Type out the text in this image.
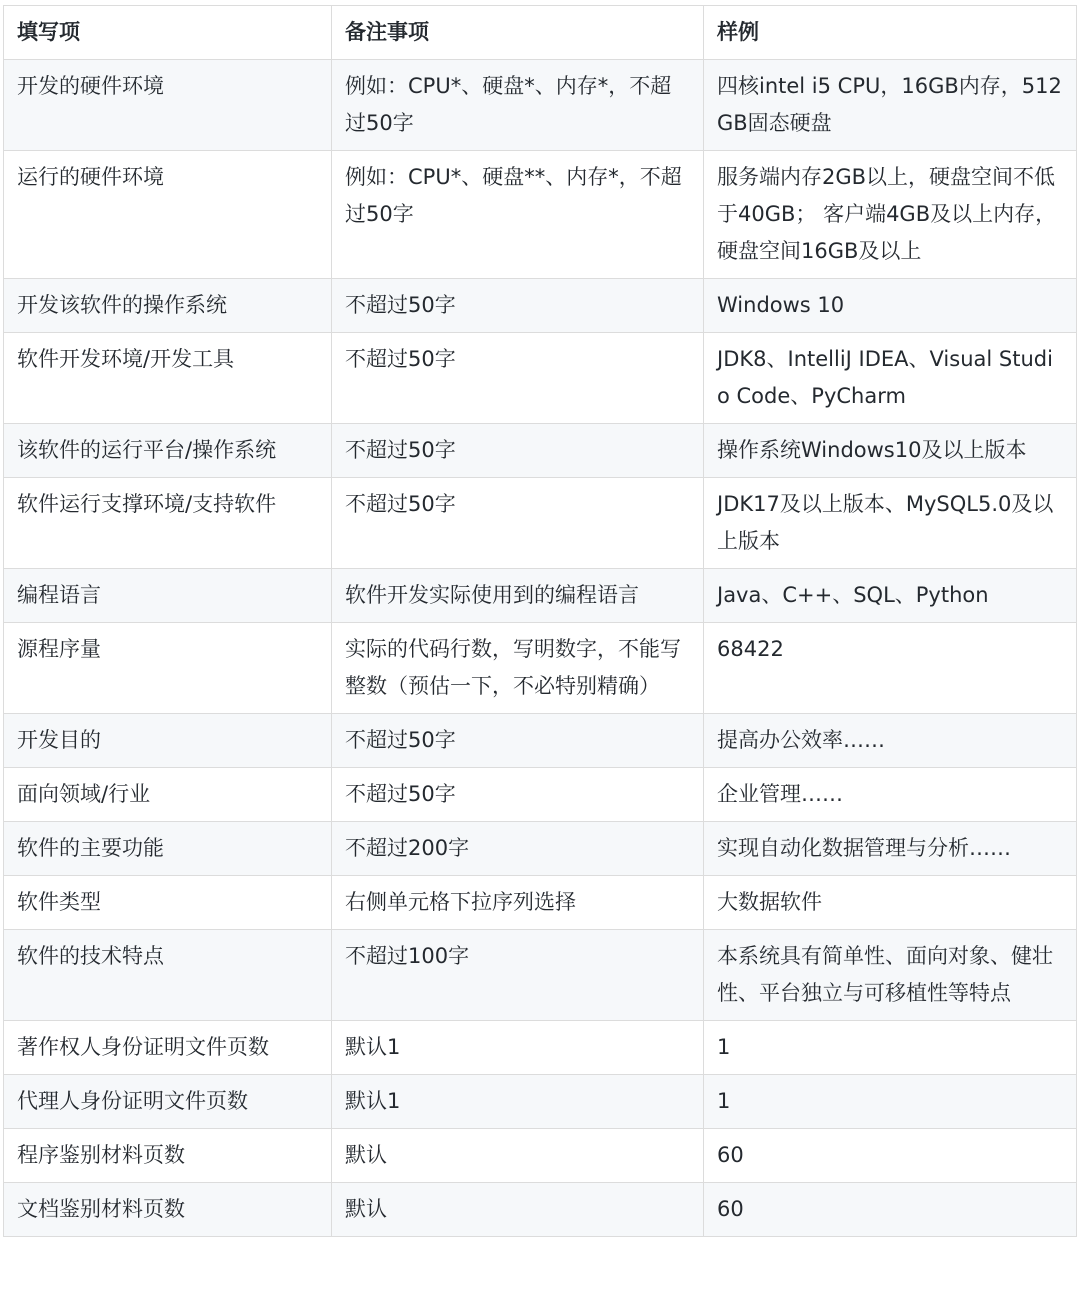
填写项	备注事项	样例
开发的硬件环境	例如：CPU*、硬盘*、内存*，不超过50字	四核intel i5 CPU，16GB内存，512GB固态硬盘
运行的硬件环境	例如：CPU*、硬盘**、内存*，不超过50字	服务端内存2GB以上，硬盘空间不低于40GB； 客户端4GB及以上内存，硬盘空间16GB及以上
开发该软件的操作系统	不超过50字	Windows 10
软件开发环境/开发工具	不超过50字	JDK8、IntelliJ IDEA、Visual Studio Code、PyCharm
该软件的运行平台/操作系统	不超过50字	操作系统Windows10及以上版本
软件运行支撑环境/支持软件	不超过50字	JDK17及以上版本、MySQL5.0及以上版本
编程语言	软件开发实际使用到的编程语言	Java、C++、SQL、Python
源程序量	实际的代码行数，写明数字，不能写整数（预估一下，不必特别精确）	68422
开发目的	不超过50字	提高办公效率……
面向领域/行业	不超过50字	企业管理……
软件的主要功能	不超过200字	实现自动化数据管理与分析……
软件类型	右侧单元格下拉序列选择	大数据软件
软件的技术特点	不超过100字	本系统具有简单性、面向对象、健壮性、平台独立与可移植性等特点
著作权人身份证明文件页数	默认1	1
代理人身份证明文件页数	默认1	1
程序鉴别材料页数	默认	60
文档鉴别材料页数	默认	60
